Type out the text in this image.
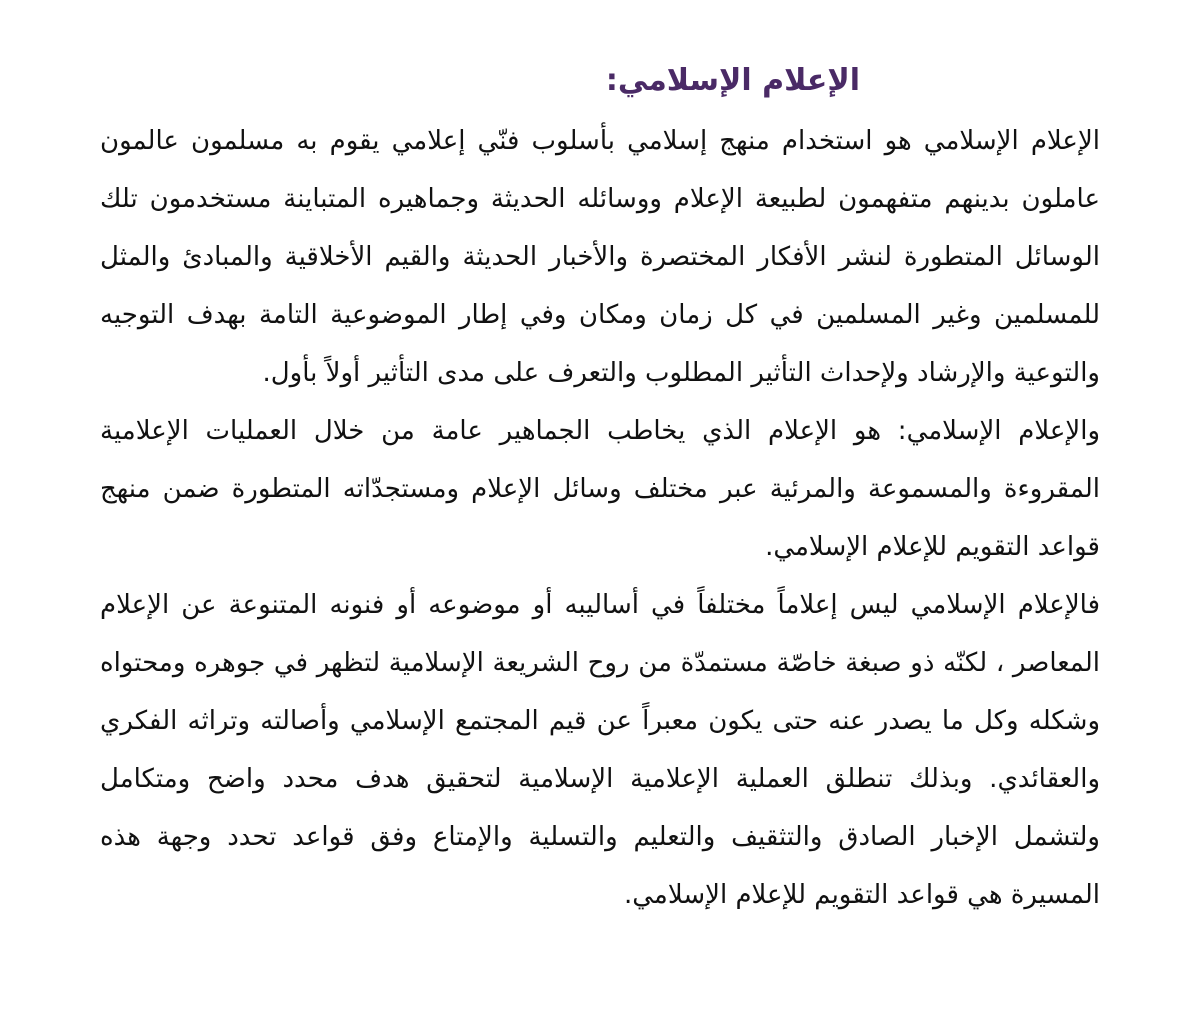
الإعلام الإسلامي:

الإعلام الإسلامي هو استخدام منهج إسلامي بأسلوب فنّي إعلامي يقوم به مسلمون عالمون عاملون بدينهم متفهمون لطبيعة الإعلام ووسائله الحديثة وجماهيره المتباينة مستخدمون تلك الوسائل المتطورة لنشر الأفكار المختصرة والأخبار الحديثة والقيم الأخلاقية والمبادئ والمثل للمسلمين وغير المسلمين في كل زمان ومكان وفي إطار الموضوعية التامة بهدف التوجيه والتوعية والإرشاد ولإحداث التأثير المطلوب والتعرف على مدى التأثير أولاً بأول.

والإعلام الإسلامي: هو الإعلام الذي يخاطب الجماهير عامة من خلال العمليات الإعلامية المقروءة والمسموعة والمرئية عبر مختلف وسائل الإعلام ومستجدّاته المتطورة ضمن منهج قواعد التقويم للإعلام الإسلامي.

فالإعلام الإسلامي ليس إعلاماً مختلفاً في أساليبه أو موضوعه أو فنونه المتنوعة عن الإعلام المعاصر ، لكنّه ذو صبغة خاصّة مستمدّة من روح الشريعة الإسلامية لتظهر في جوهره ومحتواه وشكله وكل ما يصدر عنه حتى يكون معبراً عن قيم المجتمع الإسلامي وأصالته وتراثه الفكري والعقائدي. وبذلك تنطلق العملية الإعلامية الإسلامية لتحقيق هدف محدد واضح ومتكامل ولتشمل الإخبار الصادق والتثقيف والتعليم والتسلية والإمتاع وفق قواعد تحدد وجهة هذه المسيرة هي قواعد التقويم للإعلام الإسلامي.
